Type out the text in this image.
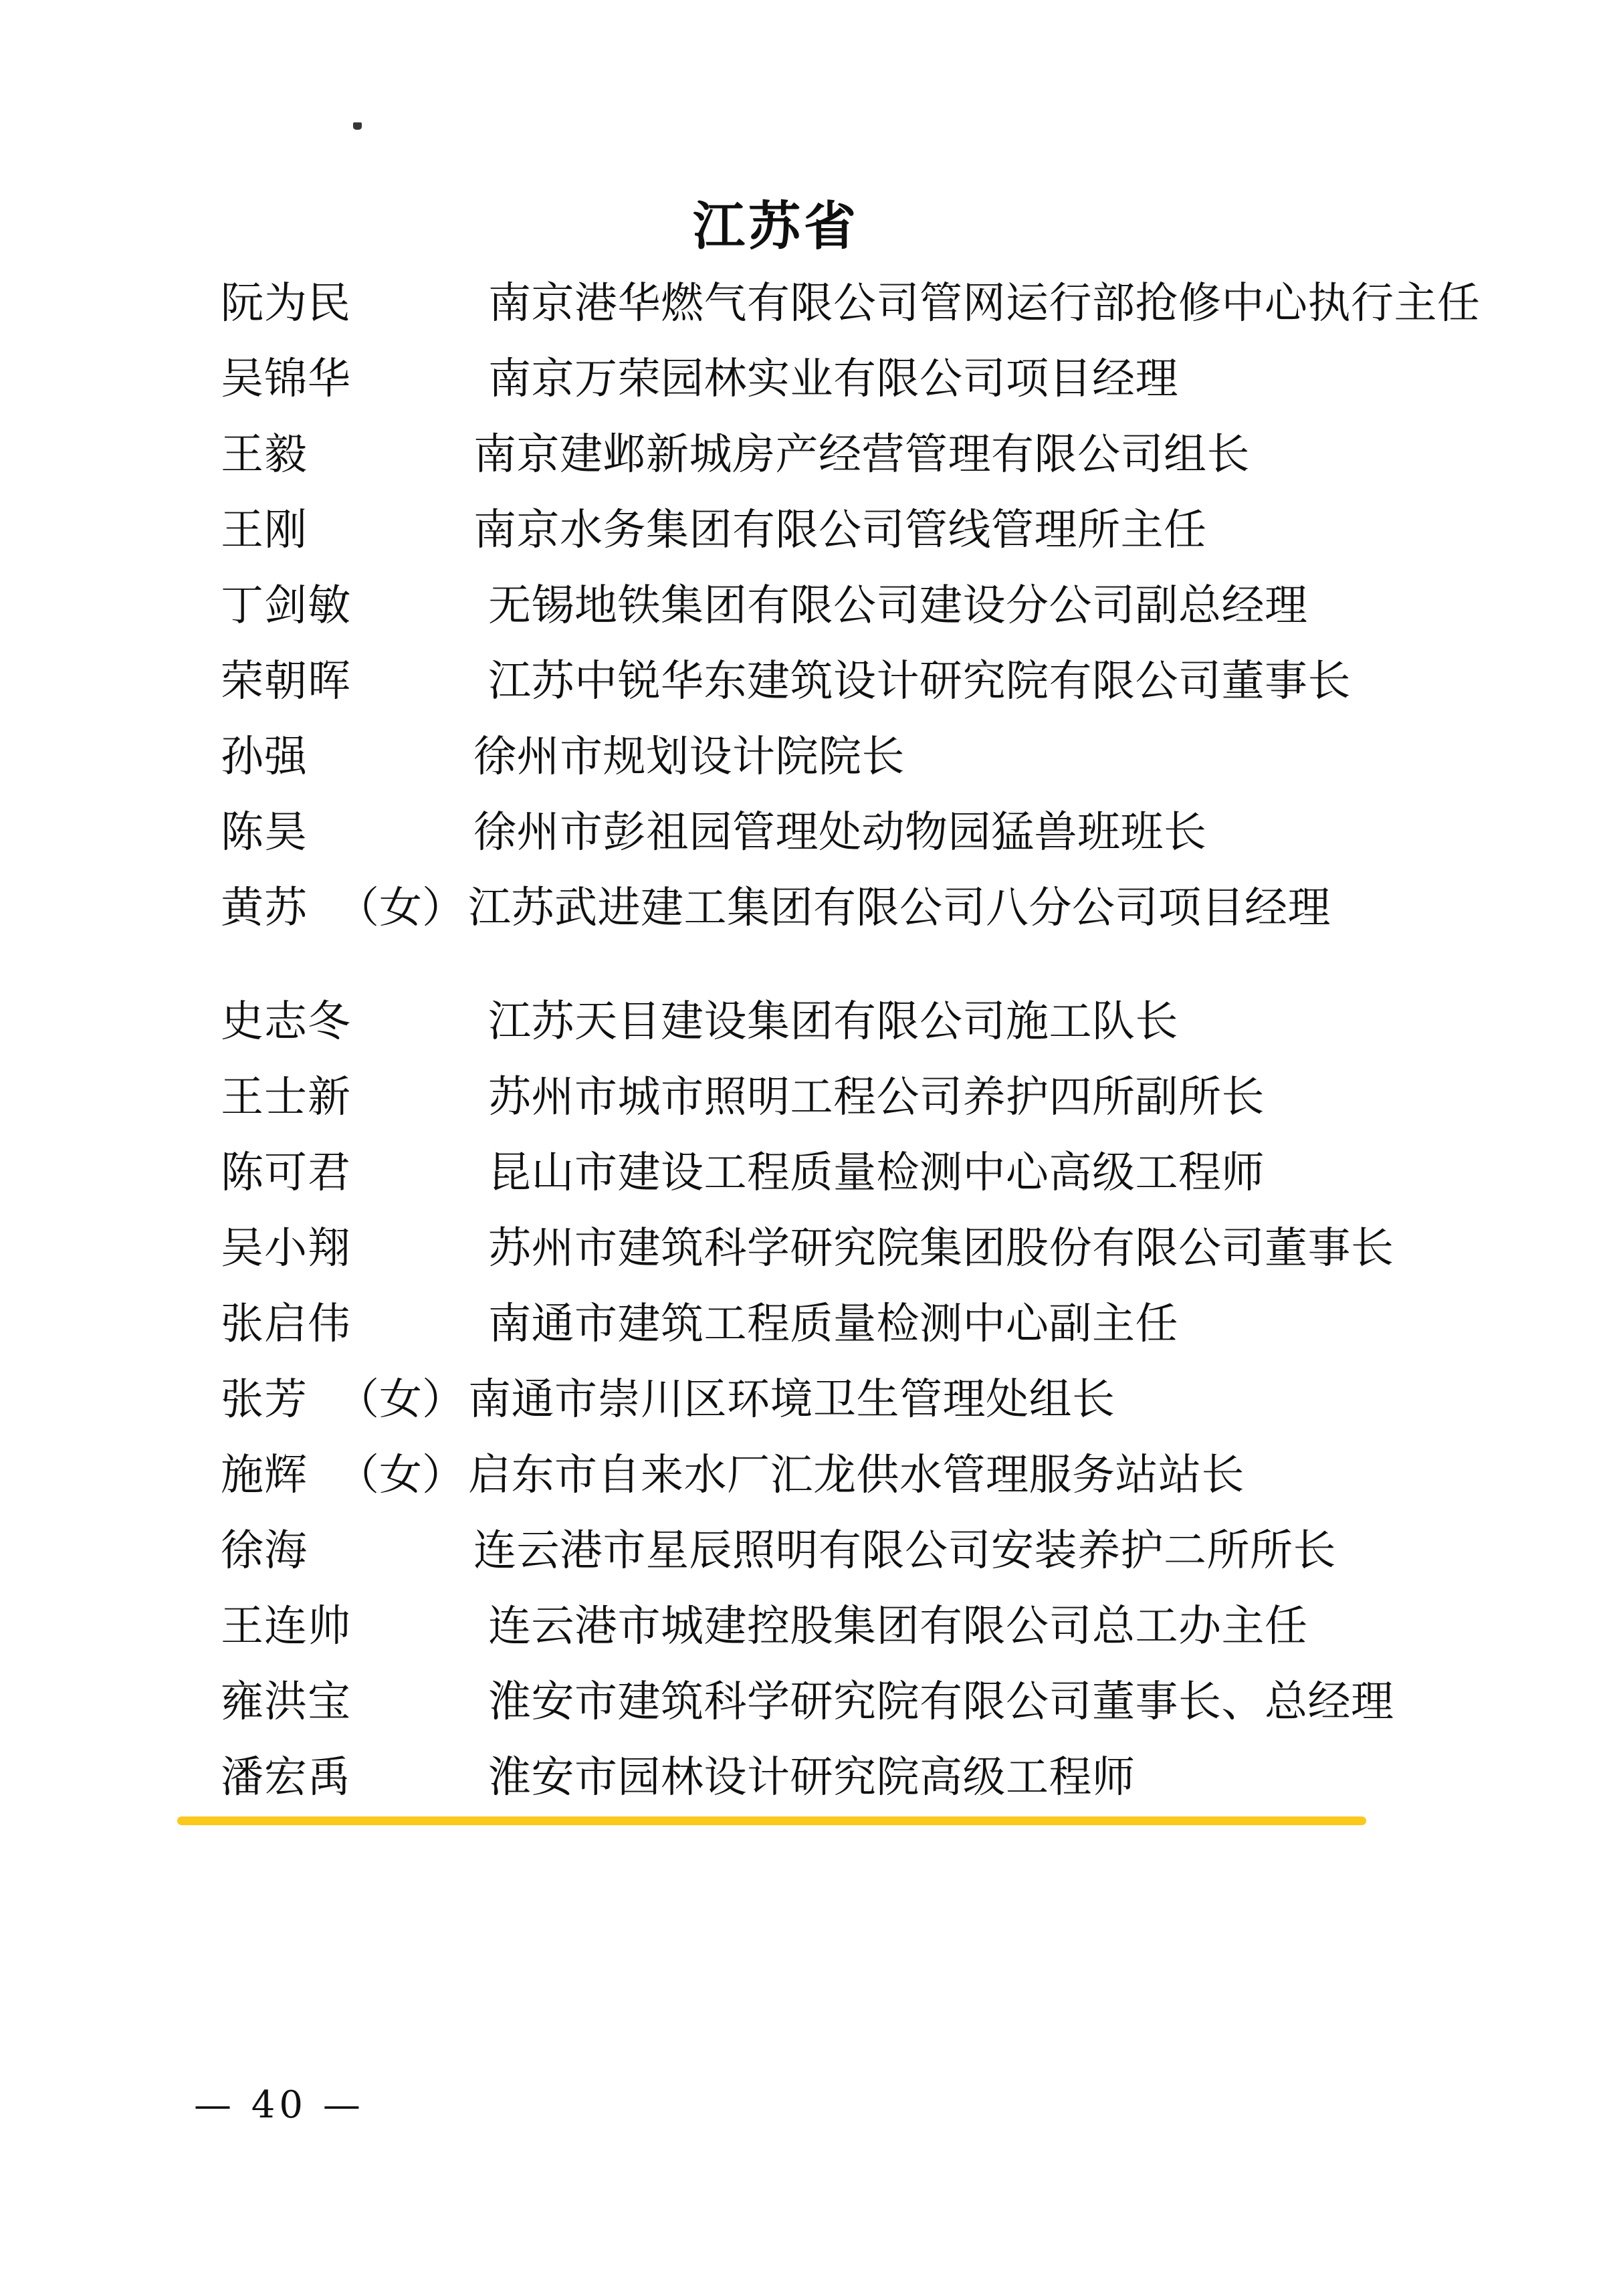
江苏省
阮为民	南京港华燃气有限公司管网运行部抢修中心执行主任
吴锦华	南京万荣园林实业有限公司项目经理
王毅	南京建邺新城房产经营管理有限公司组长
王刚	南京水务集团有限公司管线管理所主任
丁剑敏	无锡地铁集团有限公司建设分公司副总经理
荣朝晖	江苏中锐华东建筑设计研究院有限公司董事长
孙强	徐州市规划设计院院长
陈昊	徐州市彭祖园管理处动物园猛兽班班长
黄苏 （女） 江苏武进建工集团有限公司八分公司项目经理
史志冬	江苏天目建设集团有限公司施工队长
王士新	苏州市城市照明工程公司养护四所副所长
陈可君	昆山市建设工程质量检测中心高级工程师
吴小翔	苏州市建筑科学研究院集团股份有限公司董事长
张启伟	南通市建筑工程质量检测中心副主任
张芳 （女） 南通市崇川区环境卫生管理处组长
施辉 （女） 启东市自来水厂汇龙供水管理服务站站长
徐海	连云港市星辰照明有限公司安装养护二所所长
王连帅	连云港市城建控股集团有限公司总工办主任
雍洪宝	淮安市建筑科学研究院有限公司董事长、总经理
潘宏禹	淮安市园林设计研究院高级工程师
— 40 —
